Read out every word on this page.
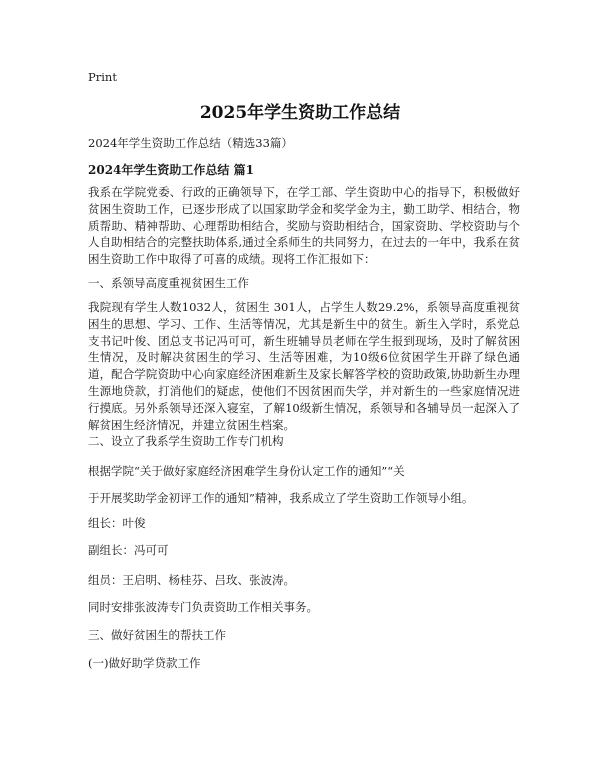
Print
2025年学生资助工作总结
2024年学生资助工作总结（精选33篇）
2024年学生资助工作总结 篇1

我系在学院党委、行政的正确领导下，在学工部、学生资助中心的指导下，积极做好贫困生资助工作，已逐步形成了以国家助学金和奖学金为主，勤工助学、相结合，物质帮助、精神帮助、心理帮助相结合，奖励与资助相结合，国家资助、学校资助与个人自助相结合的完整扶助体系,通过全系师生的共同努力，在过去的一年中，我系在贫困生资助工作中取得了可喜的成绩。现将工作汇报如下：

一、系领导高度重视贫困生工作

我院现有学生人数1032人，贫困生 301人，占学生人数29.2%，系领导高度重视贫困生的思想、学习、工作、生活等情况，尤其是新生中的贫生。新生入学时，系党总支书记叶俊、团总支书记冯可可，新生班辅导员老师在学生报到现场，及时了解贫困生情况，及时解决贫困生的学习、生活等困难，为10级6位贫困学生开辟了绿色通道，配合学院资助中心向家庭经济困难新生及家长解答学校的资助政策,协助新生办理生源地贷款，打消他们的疑虑，使他们不因贫困而失学，并对新生的一些家庭情况进行摸底。另外系领导还深入寝室，了解10级新生情况，系领导和各辅导员一起深入了解贫困生经济情况，并建立贫困生档案。

二、设立了我系学生资助工作专门机构

根据学院“关于做好家庭经济困难学生身份认定工作的通知”“关

于开展奖助学金初评工作的通知”精神，我系成立了学生资助工作领导小组。

组长：叶俊

副组长：冯可可

组员：王启明、杨桂芬、吕玫、张波涛。

同时安排张波涛专门负责资助工作相关事务。

三、做好贫困生的帮扶工作

(一)做好助学贷款工作
